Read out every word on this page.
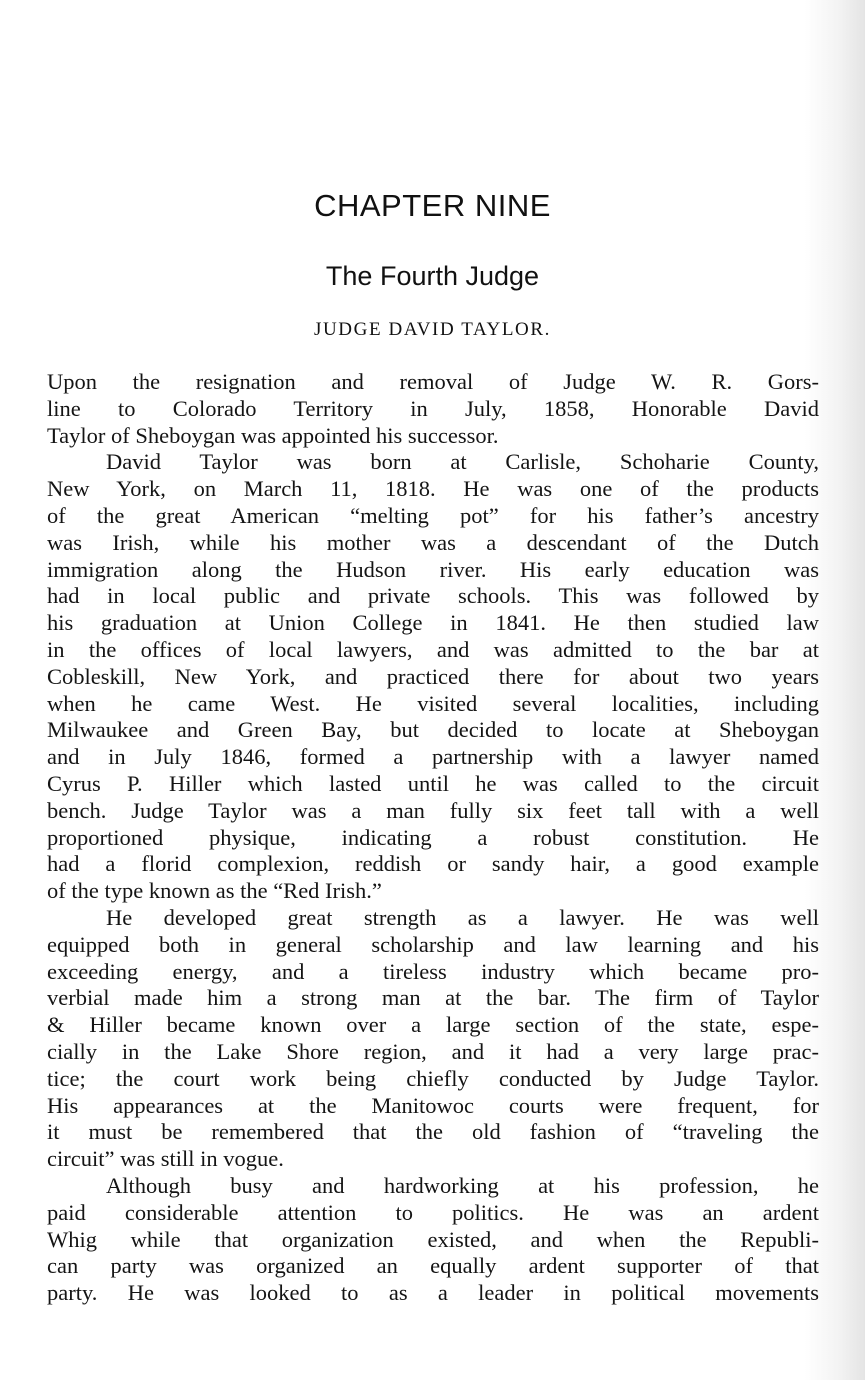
CHAPTER NINE
The Fourth Judge
JUDGE DAVID TAYLOR.
Upon the resignation and removal of Judge W. R. Gors-
line to Colorado Territory in July, 1858, Honorable David
Taylor of Sheboygan was appointed his successor.
David Taylor was born at Carlisle, Schoharie County,
New York, on March 11, 1818. He was one of the products
of the great American “melting pot” for his father’s ancestry
was Irish, while his mother was a descendant of the Dutch
immigration along the Hudson river. His early education was
had in local public and private schools. This was followed by
his graduation at Union College in 1841. He then studied law
in the offices of local lawyers, and was admitted to the bar at
Cobleskill, New York, and practiced there for about two years
when he came West. He visited several localities, including
Milwaukee and Green Bay, but decided to locate at Sheboygan
and in July 1846, formed a partnership with a lawyer named
Cyrus P. Hiller which lasted until he was called to the circuit
bench. Judge Taylor was a man fully six feet tall with a well
proportioned physique, indicating a robust constitution. He
had a florid complexion, reddish or sandy hair, a good example
of the type known as the “Red Irish.”
He developed great strength as a lawyer. He was well
equipped both in general scholarship and law learning and his
exceeding energy, and a tireless industry which became pro-
verbial made him a strong man at the bar. The firm of Taylor
& Hiller became known over a large section of the state, espe-
cially in the Lake Shore region, and it had a very large prac-
tice; the court work being chiefly conducted by Judge Taylor.
His appearances at the Manitowoc courts were frequent, for
it must be remembered that the old fashion of “traveling the
circuit” was still in vogue.
Although busy and hardworking at his profession, he
paid considerable attention to politics. He was an ardent
Whig while that organization existed, and when the Republi-
can party was organized an equally ardent supporter of that
party. He was looked to as a leader in political movements
